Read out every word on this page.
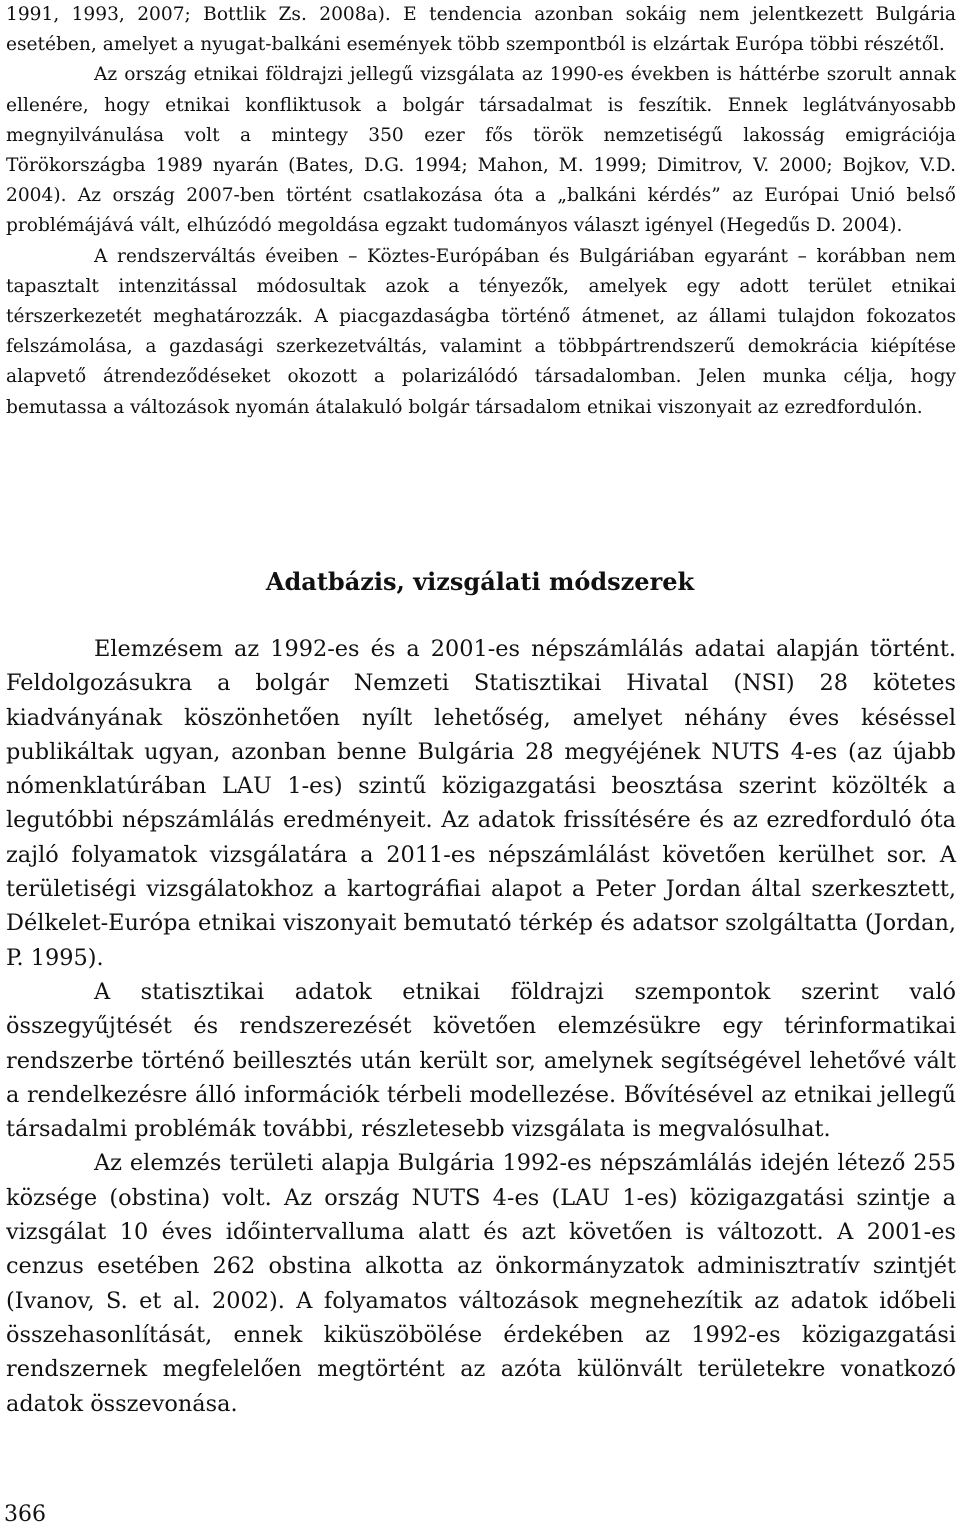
1991, 1993, 2007; Bottlik Zs. 2008a). E tendencia azonban sokáig nem jelentkezett Bulgária esetében, amelyet a nyugat-balkáni események több szempontból is elzártak Európa többi részétől.

Az ország etnikai földrajzi jellegű vizsgálata az 1990-es években is háttérbe szorult annak ellenére, hogy etnikai konfliktusok a bolgár társadalmat is feszítik. Ennek leglátványosabb megnyilvánulása volt a mintegy 350 ezer fős török nemzetiségű lakosság emigrációja Törökországba 1989 nyarán (Bates, D.G. 1994; Mahon, M. 1999; Dimitrov, V. 2000; Bojkov, V.D. 2004). Az ország 2007-ben történt csatlakozása óta a „balkáni kérdés” az Európai Unió belső problémájává vált, elhúzódó megoldása egzakt tudományos választ igényel (Hegedűs D. 2004).

A rendszerváltás éveiben – Köztes-Európában és Bulgáriában egyaránt – korábban nem tapasztalt intenzitással módosultak azok a tényezők, amelyek egy adott terület etnikai térszerkezetét meghatározzák. A piacgazdaságba történő átmenet, az állami tulajdon fokozatos felszámolása, a gazdasági szerkezetváltás, valamint a többpártrendszerű demokrácia kiépítése alapvető átrendeződéseket okozott a polarizálódó társadalomban. Jelen munka célja, hogy bemutassa a változások nyomán átalakuló bolgár társadalom etnikai viszonyait az ezredfordulón.

Adatbázis, vizsgálati módszerek

Elemzésem az 1992-es és a 2001-es népszámlálás adatai alapján történt. Feldolgozásukra a bolgár Nemzeti Statisztikai Hivatal (NSI) 28 kötetes kiadványának köszönhetően nyílt lehetőség, amelyet néhány éves késéssel publikáltak ugyan, azonban benne Bulgária 28 megyéjének NUTS 4-es (az újabb nómenklatúrában LAU 1-es) szintű közigazgatási beosztása szerint közölték a legutóbbi népszámlálás eredményeit. Az adatok frissítésére és az ezredforduló óta zajló folyamatok vizsgálatára a 2011-es népszámlálást követően kerülhet sor. A területiségi vizsgálatokhoz a kartográfiai alapot a Peter Jordan által szerkesztett, Délkelet-Európa etnikai viszonyait bemutató térkép és adatsor szolgáltatta (Jordan, P. 1995).

A statisztikai adatok etnikai földrajzi szempontok szerint való összegyűjtését és rendszerezését követően elemzésükre egy térinformatikai rendszerbe történő beillesztés után került sor, amelynek segítségével lehetővé vált a rendelkezésre álló információk térbeli modellezése. Bővítésével az etnikai jellegű társadalmi problémák további, részletesebb vizsgálata is megvalósulhat.

Az elemzés területi alapja Bulgária 1992-es népszámlálás idején létező 255 községe (obstina) volt. Az ország NUTS 4-es (LAU 1-es) közigazgatási szintje a vizsgálat 10 éves időintervalluma alatt és azt követően is változott. A 2001-es cenzus esetében 262 obstina alkotta az önkormányzatok adminisztratív szintjét (Ivanov, S. et al. 2002). A folyamatos változások megnehezítik az adatok időbeli összehasonlítását, ennek kiküszöbölése érdekében az 1992-es közigazgatási rendszernek megfelelően megtörtént az azóta különvált területekre vonatkozó adatok összevonása.

366
